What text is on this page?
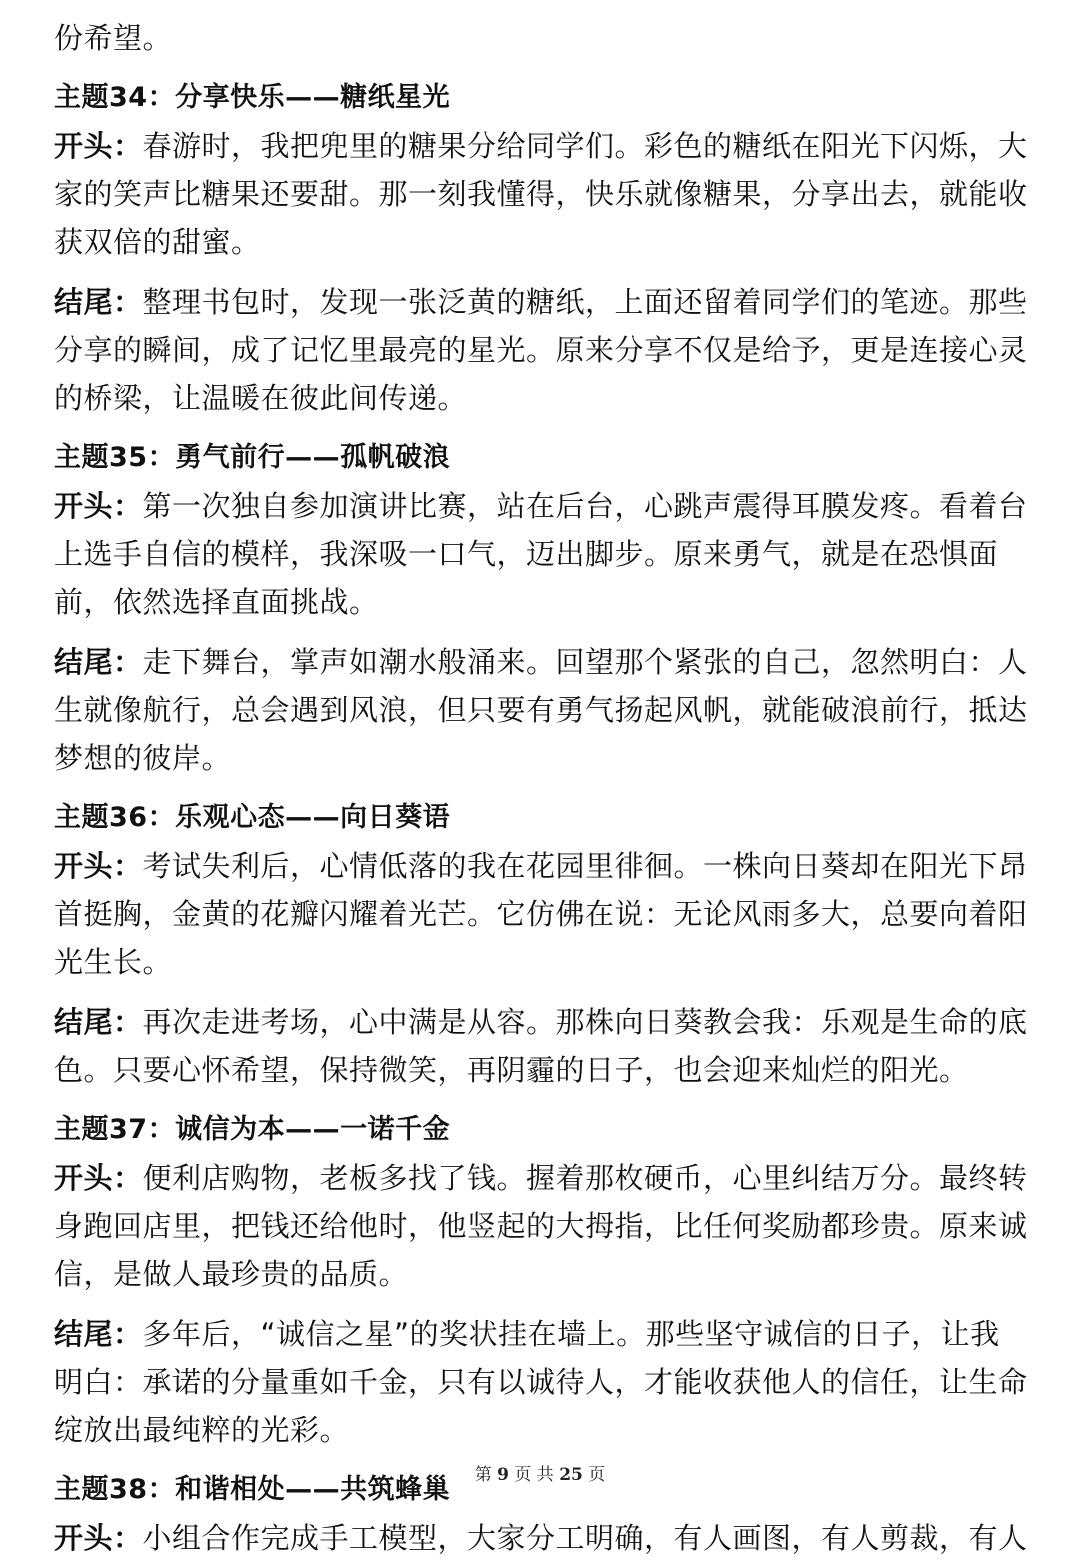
份希望。
主题34：分享快乐——糖纸星光
开头：春游时，我把兜里的糖果分给同学们。彩色的糖纸在阳光下闪烁，大
家的笑声比糖果还要甜。那一刻我懂得，快乐就像糖果，分享出去，就能收
获双倍的甜蜜。
结尾：整理书包时，发现一张泛黄的糖纸，上面还留着同学们的笔迹。那些
分享的瞬间，成了记忆里最亮的星光。原来分享不仅是给予，更是连接心灵
的桥梁，让温暖在彼此间传递。
主题35：勇气前行——孤帆破浪
开头：第一次独自参加演讲比赛，站在后台，心跳声震得耳膜发疼。看着台
上选手自信的模样，我深吸一口气，迈出脚步。原来勇气，就是在恐惧面
前，依然选择直面挑战。
结尾：走下舞台，掌声如潮水般涌来。回望那个紧张的自己，忽然明白：人
生就像航行，总会遇到风浪，但只要有勇气扬起风帆，就能破浪前行，抵达
梦想的彼岸。
主题36：乐观心态——向日葵语
开头：考试失利后，心情低落的我在花园里徘徊。一株向日葵却在阳光下昂
首挺胸，金黄的花瓣闪耀着光芒。它仿佛在说：无论风雨多大，总要向着阳
光生长。
结尾：再次走进考场，心中满是从容。那株向日葵教会我：乐观是生命的底
色。只要心怀希望，保持微笑，再阴霾的日子，也会迎来灿烂的阳光。
主题37：诚信为本——一诺千金
开头：便利店购物，老板多找了钱。握着那枚硬币，心里纠结万分。最终转
身跑回店里，把钱还给他时，他竖起的大拇指，比任何奖励都珍贵。原来诚
信，是做人最珍贵的品质。
结尾：多年后，“诚信之星”的奖状挂在墙上。那些坚守诚信的日子，让我
明白：承诺的分量重如千金，只有以诚待人，才能收获他人的信任，让生命
绽放出最纯粹的光彩。
主题38：和谐相处——共筑蜂巢
开头：小组合作完成手工模型，大家分工明确，有人画图，有人剪裁，有人
第 9 页 共 25 页
